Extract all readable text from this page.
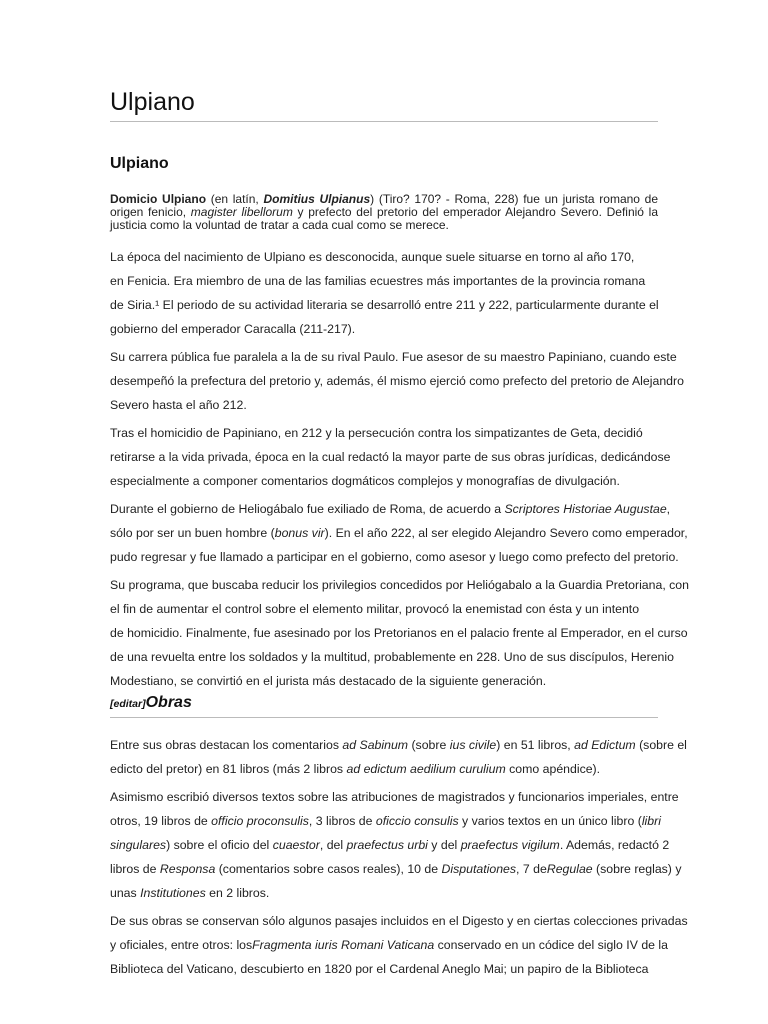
Ulpiano
Ulpiano
Domicio Ulpiano (en latín, Domitius Ulpianus) (Tiro? 170? - Roma, 228) fue un jurista romano de
origen fenicio, magister libellorum y prefecto del pretorio del emperador Alejandro Severo. Definió la
justicia como la voluntad de tratar a cada cual como se merece.
La época del nacimiento de Ulpiano es desconocida, aunque suele situarse en torno al año 170,
en Fenicia. Era miembro de una de las familias ecuestres más importantes de la provincia romana
de Siria.¹ El periodo de su actividad literaria se desarrolló entre 211 y 222, particularmente durante el
gobierno del emperador Caracalla (211-217).
Su carrera pública fue paralela a la de su rival Paulo. Fue asesor de su maestro Papiniano, cuando este
desempeñó la prefectura del pretorio y, además, él mismo ejerció como prefecto del pretorio de Alejandro
Severo hasta el año 212.
Tras el homicidio de Papiniano, en 212 y la persecución contra los simpatizantes de Geta, decidió
retirarse a la vida privada, época en la cual redactó la mayor parte de sus obras jurídicas, dedicándose
especialmente a componer comentarios dogmáticos complejos y monografías de divulgación.
Durante el gobierno de Heliogábalo fue exiliado de Roma, de acuerdo a Scriptores Historiae Augustae,
sólo por ser un buen hombre (bonus vir). En el año 222, al ser elegido Alejandro Severo como emperador,
pudo regresar y fue llamado a participar en el gobierno, como asesor y luego como prefecto del pretorio.
Su programa, que buscaba reducir los privilegios concedidos por Heliógabalo a la Guardia Pretoriana, con
el fin de aumentar el control sobre el elemento militar, provocó la enemistad con ésta y un intento
de homicidio. Finalmente, fue asesinado por los Pretorianos en el palacio frente al Emperador, en el curso
de una revuelta entre los soldados y la multitud, probablemente en 228. Uno de sus discípulos, Herenio
Modestiano, se convirtió en el jurista más destacado de la siguiente generación.
[editar]Obras
Entre sus obras destacan los comentarios ad Sabinum (sobre ius civile) en 51 libros, ad Edictum (sobre el
edicto del pretor) en 81 libros (más 2 libros ad edictum aedilium curulium como apéndice).
Asimismo escribió diversos textos sobre las atribuciones de magistrados y funcionarios imperiales, entre
otros, 19 libros de officio proconsulis, 3 libros de oficcio consulis y varios textos en un único libro (libri
singulares) sobre el oficio del cuaestor, del praefectus urbi y del praefectus vigilum. Además, redactó 2
libros de Responsa (comentarios sobre casos reales), 10 de Disputationes, 7 deRegulae (sobre reglas) y
unas Institutiones en 2 libros.
De sus obras se conservan sólo algunos pasajes incluidos en el Digesto y en ciertas colecciones privadas
y oficiales, entre otros: losFragmenta iuris Romani Vaticana conservado en un códice del siglo IV de la
Biblioteca del Vaticano, descubierto en 1820 por el Cardenal Aneglo Mai; un papiro de la Biblioteca
